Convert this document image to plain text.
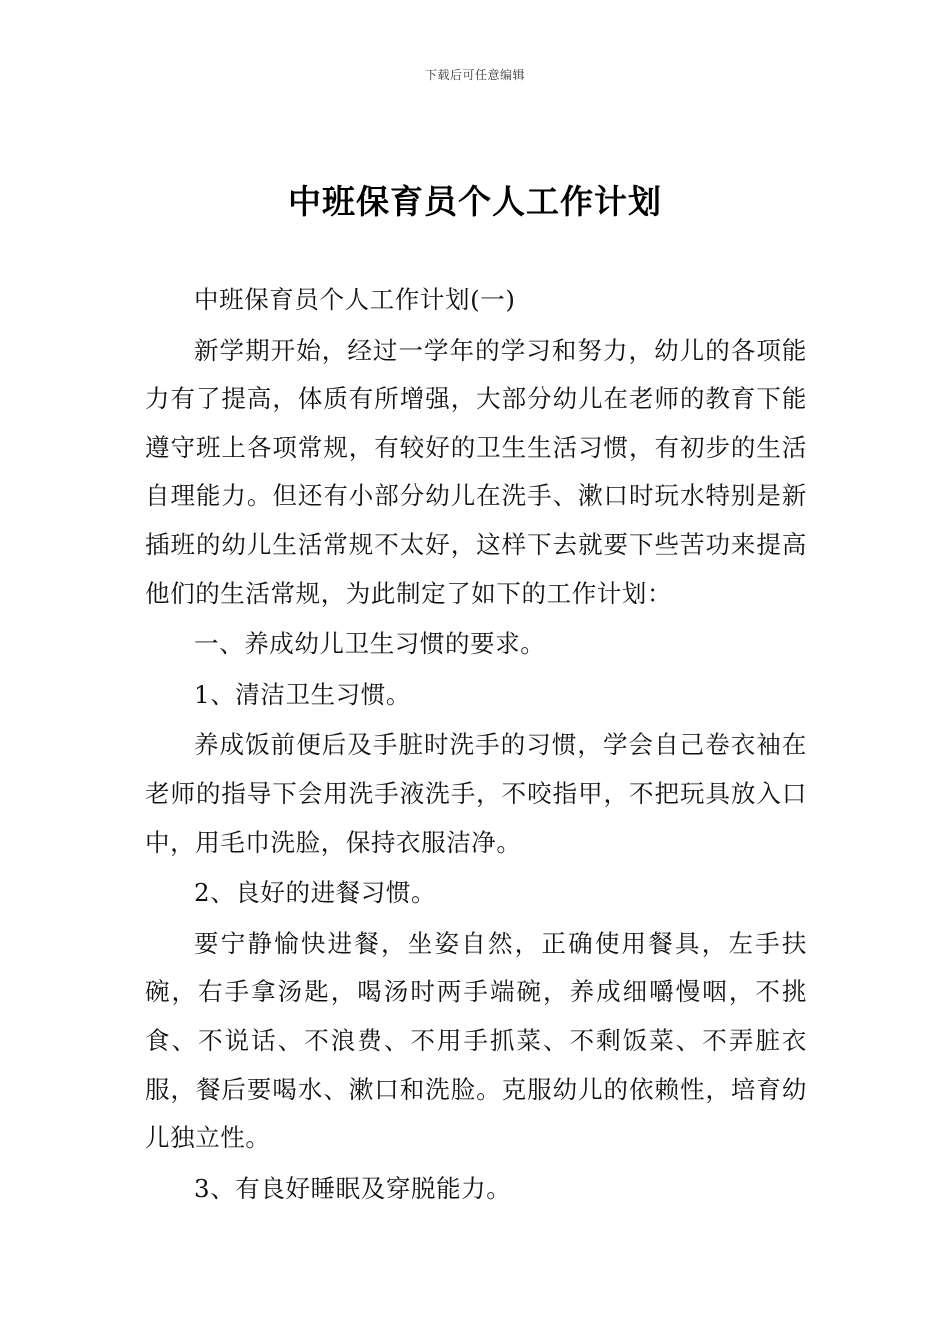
下载后可任意编辑
中班保育员个人工作计划

中班保育员个人工作计划(一)

新学期开始，经过一学年的学习和努力，幼儿的各项能力有了提高，体质有所增强，大部分幼儿在老师的教育下能遵守班上各项常规，有较好的卫生生活习惯，有初步的生活自理能力。但还有小部分幼儿在洗手、漱口时玩水特别是新插班的幼儿生活常规不太好，这样下去就要下些苦功来提高他们的生活常规，为此制定了如下的工作计划：

一、养成幼儿卫生习惯的要求。

1、清洁卫生习惯。

养成饭前便后及手脏时洗手的习惯，学会自己卷衣袖在老师的指导下会用洗手液洗手，不咬指甲，不把玩具放入口中，用毛巾洗脸，保持衣服洁净。

2、良好的进餐习惯。

要宁静愉快进餐，坐姿自然，正确使用餐具，左手扶碗，右手拿汤匙，喝汤时两手端碗，养成细嚼慢咽，不挑食、不说话、不浪费、不用手抓菜、不剩饭菜、不弄脏衣服，餐后要喝水、漱口和洗脸。克服幼儿的依赖性，培育幼儿独立性。

3、有良好睡眠及穿脱能力。
